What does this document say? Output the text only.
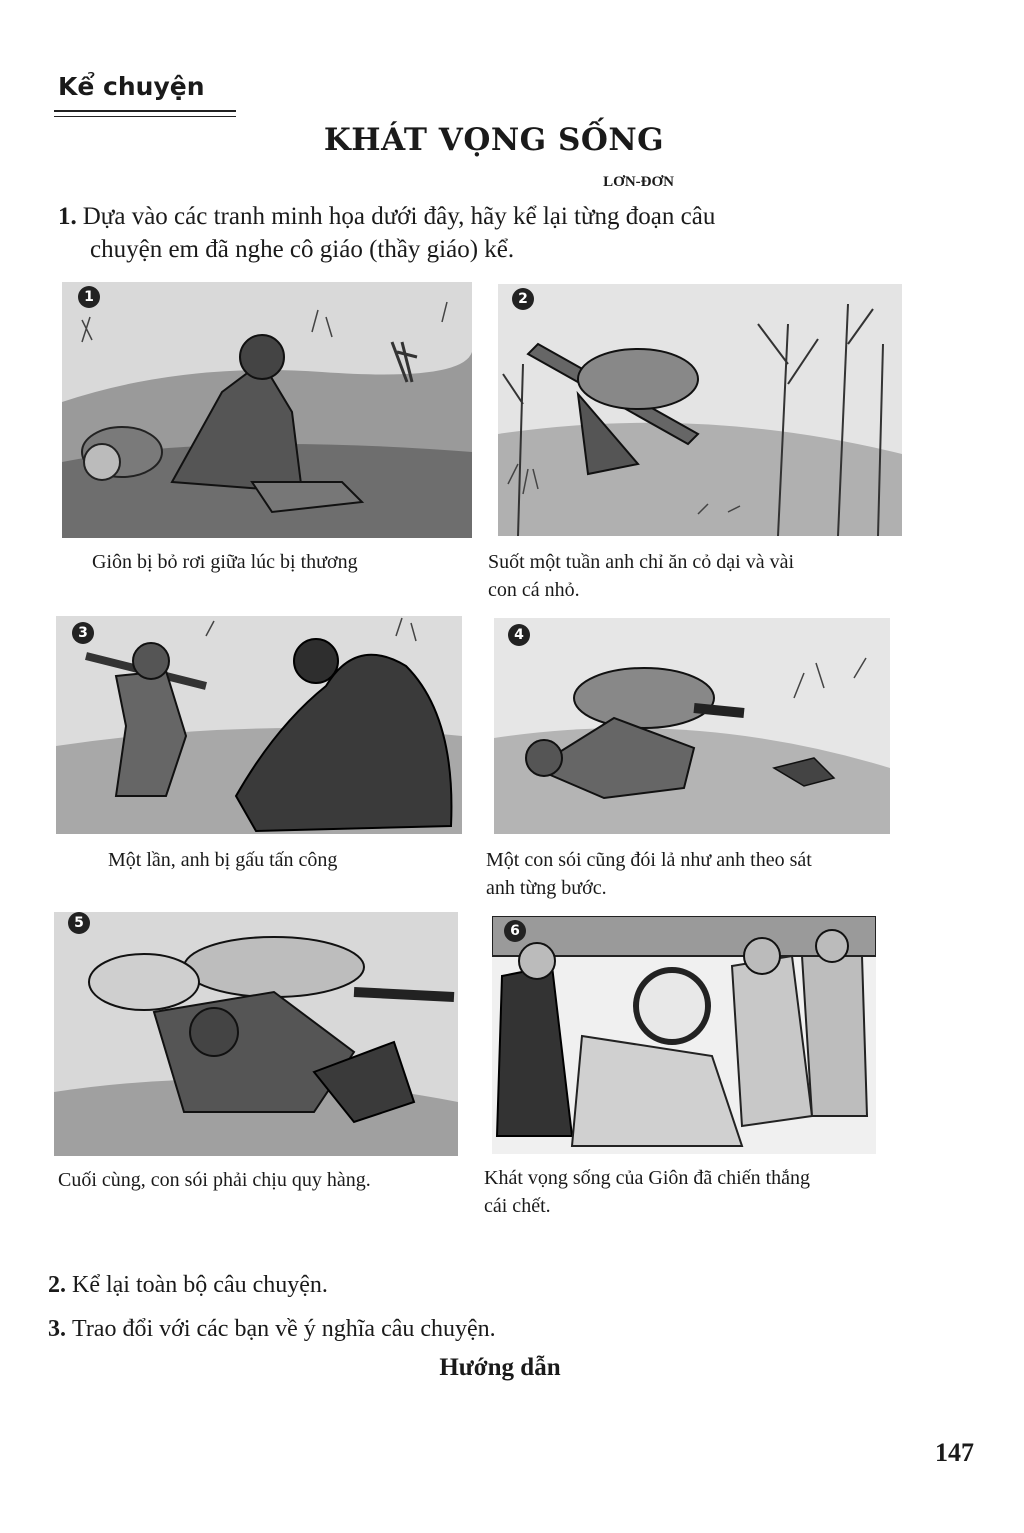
Kể chuyện
KHÁT VỌNG SỐNG
LƠN-ĐƠN
1. Dựa vào các tranh minh họa dưới đây, hãy kể lại từng đoạn câu
chuyện em đã nghe cô giáo (thầy giáo) kể.
Giôn bị bỏ rơi giữa lúc bị thương	Suốt một tuần anh chỉ ăn cỏ dại và vài
con cá nhỏ.
Một lần, anh bị gấu tấn công	Một con sói cũng đói lả như anh theo sát
anh từng bước.
Cuối cùng, con sói phải chịu quy hàng.	Khát vọng sống của Giôn đã chiến thắng
cái chết.
1	2
3	4
5	6
2. Kể lại toàn bộ câu chuyện.
3. Trao đổi với các bạn về ý nghĩa câu chuyện.
Hướng dẫn
147
